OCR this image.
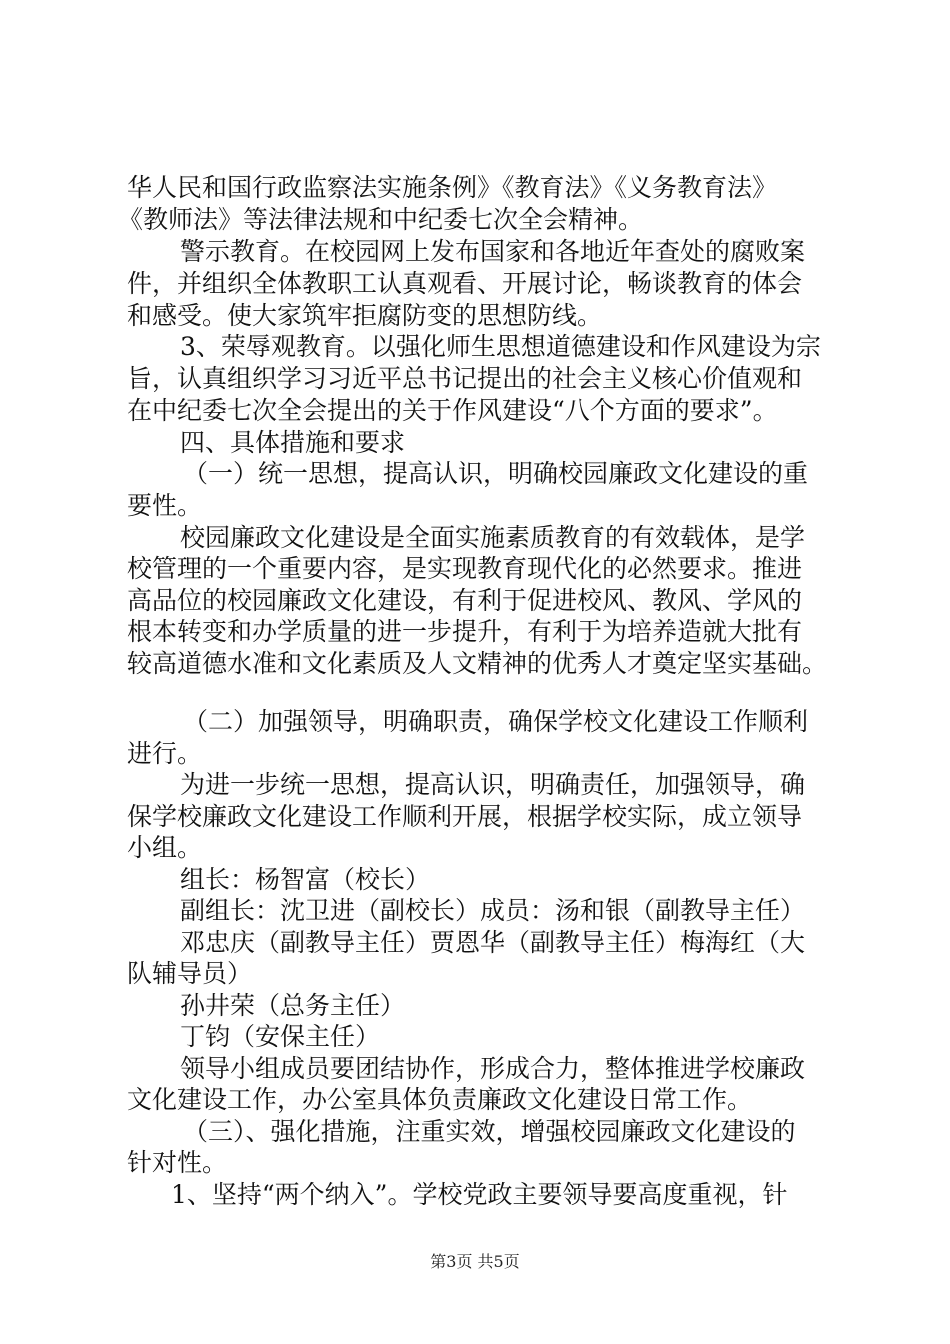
华人民和国行政监察法实施条例》《教育法》《义务教育法》
《教师法》等法律法规和中纪委七次全会精神。
警示教育。在校园网上发布国家和各地近年查处的腐败案
件，并组织全体教职工认真观看、开展讨论，畅谈教育的体会
和感受。使大家筑牢拒腐防变的思想防线。
3、荣辱观教育。以强化师生思想道德建设和作风建设为宗
旨，认真组织学习习近平总书记提出的社会主义核心价值观和
在中纪委七次全会提出的关于作风建设“八个方面的要求”。
四、具体措施和要求
（一）统一思想，提高认识，明确校园廉政文化建设的重
要性。
校园廉政文化建设是全面实施素质教育的有效载体，是学
校管理的一个重要内容，是实现教育现代化的必然要求。推进
高品位的校园廉政文化建设，有利于促进校风、教风、学风的
根本转变和办学质量的进一步提升，有利于为培养造就大批有
较高道德水准和文化素质及人文精神的优秀人才奠定坚实基础。
（二）加强领导，明确职责，确保学校文化建设工作顺利
进行。
为进一步统一思想，提高认识，明确责任，加强领导，确
保学校廉政文化建设工作顺利开展，根据学校实际，成立领导
小组。
组长：杨智富（校长）
副组长：沈卫进（副校长）成员：汤和银（副教导主任）
邓忠庆（副教导主任）贾恩华（副教导主任）梅海红（大
队辅导员）
孙井荣（总务主任）
丁钧（安保主任）
领导小组成员要团结协作，形成合力，整体推进学校廉政
文化建设工作，办公室具体负责廉政文化建设日常工作。
（三）、强化措施，注重实效，增强校园廉政文化建设的
针对性。
1、坚持“两个纳入”。学校党政主要领导要高度重视，针
第3页 共5页
